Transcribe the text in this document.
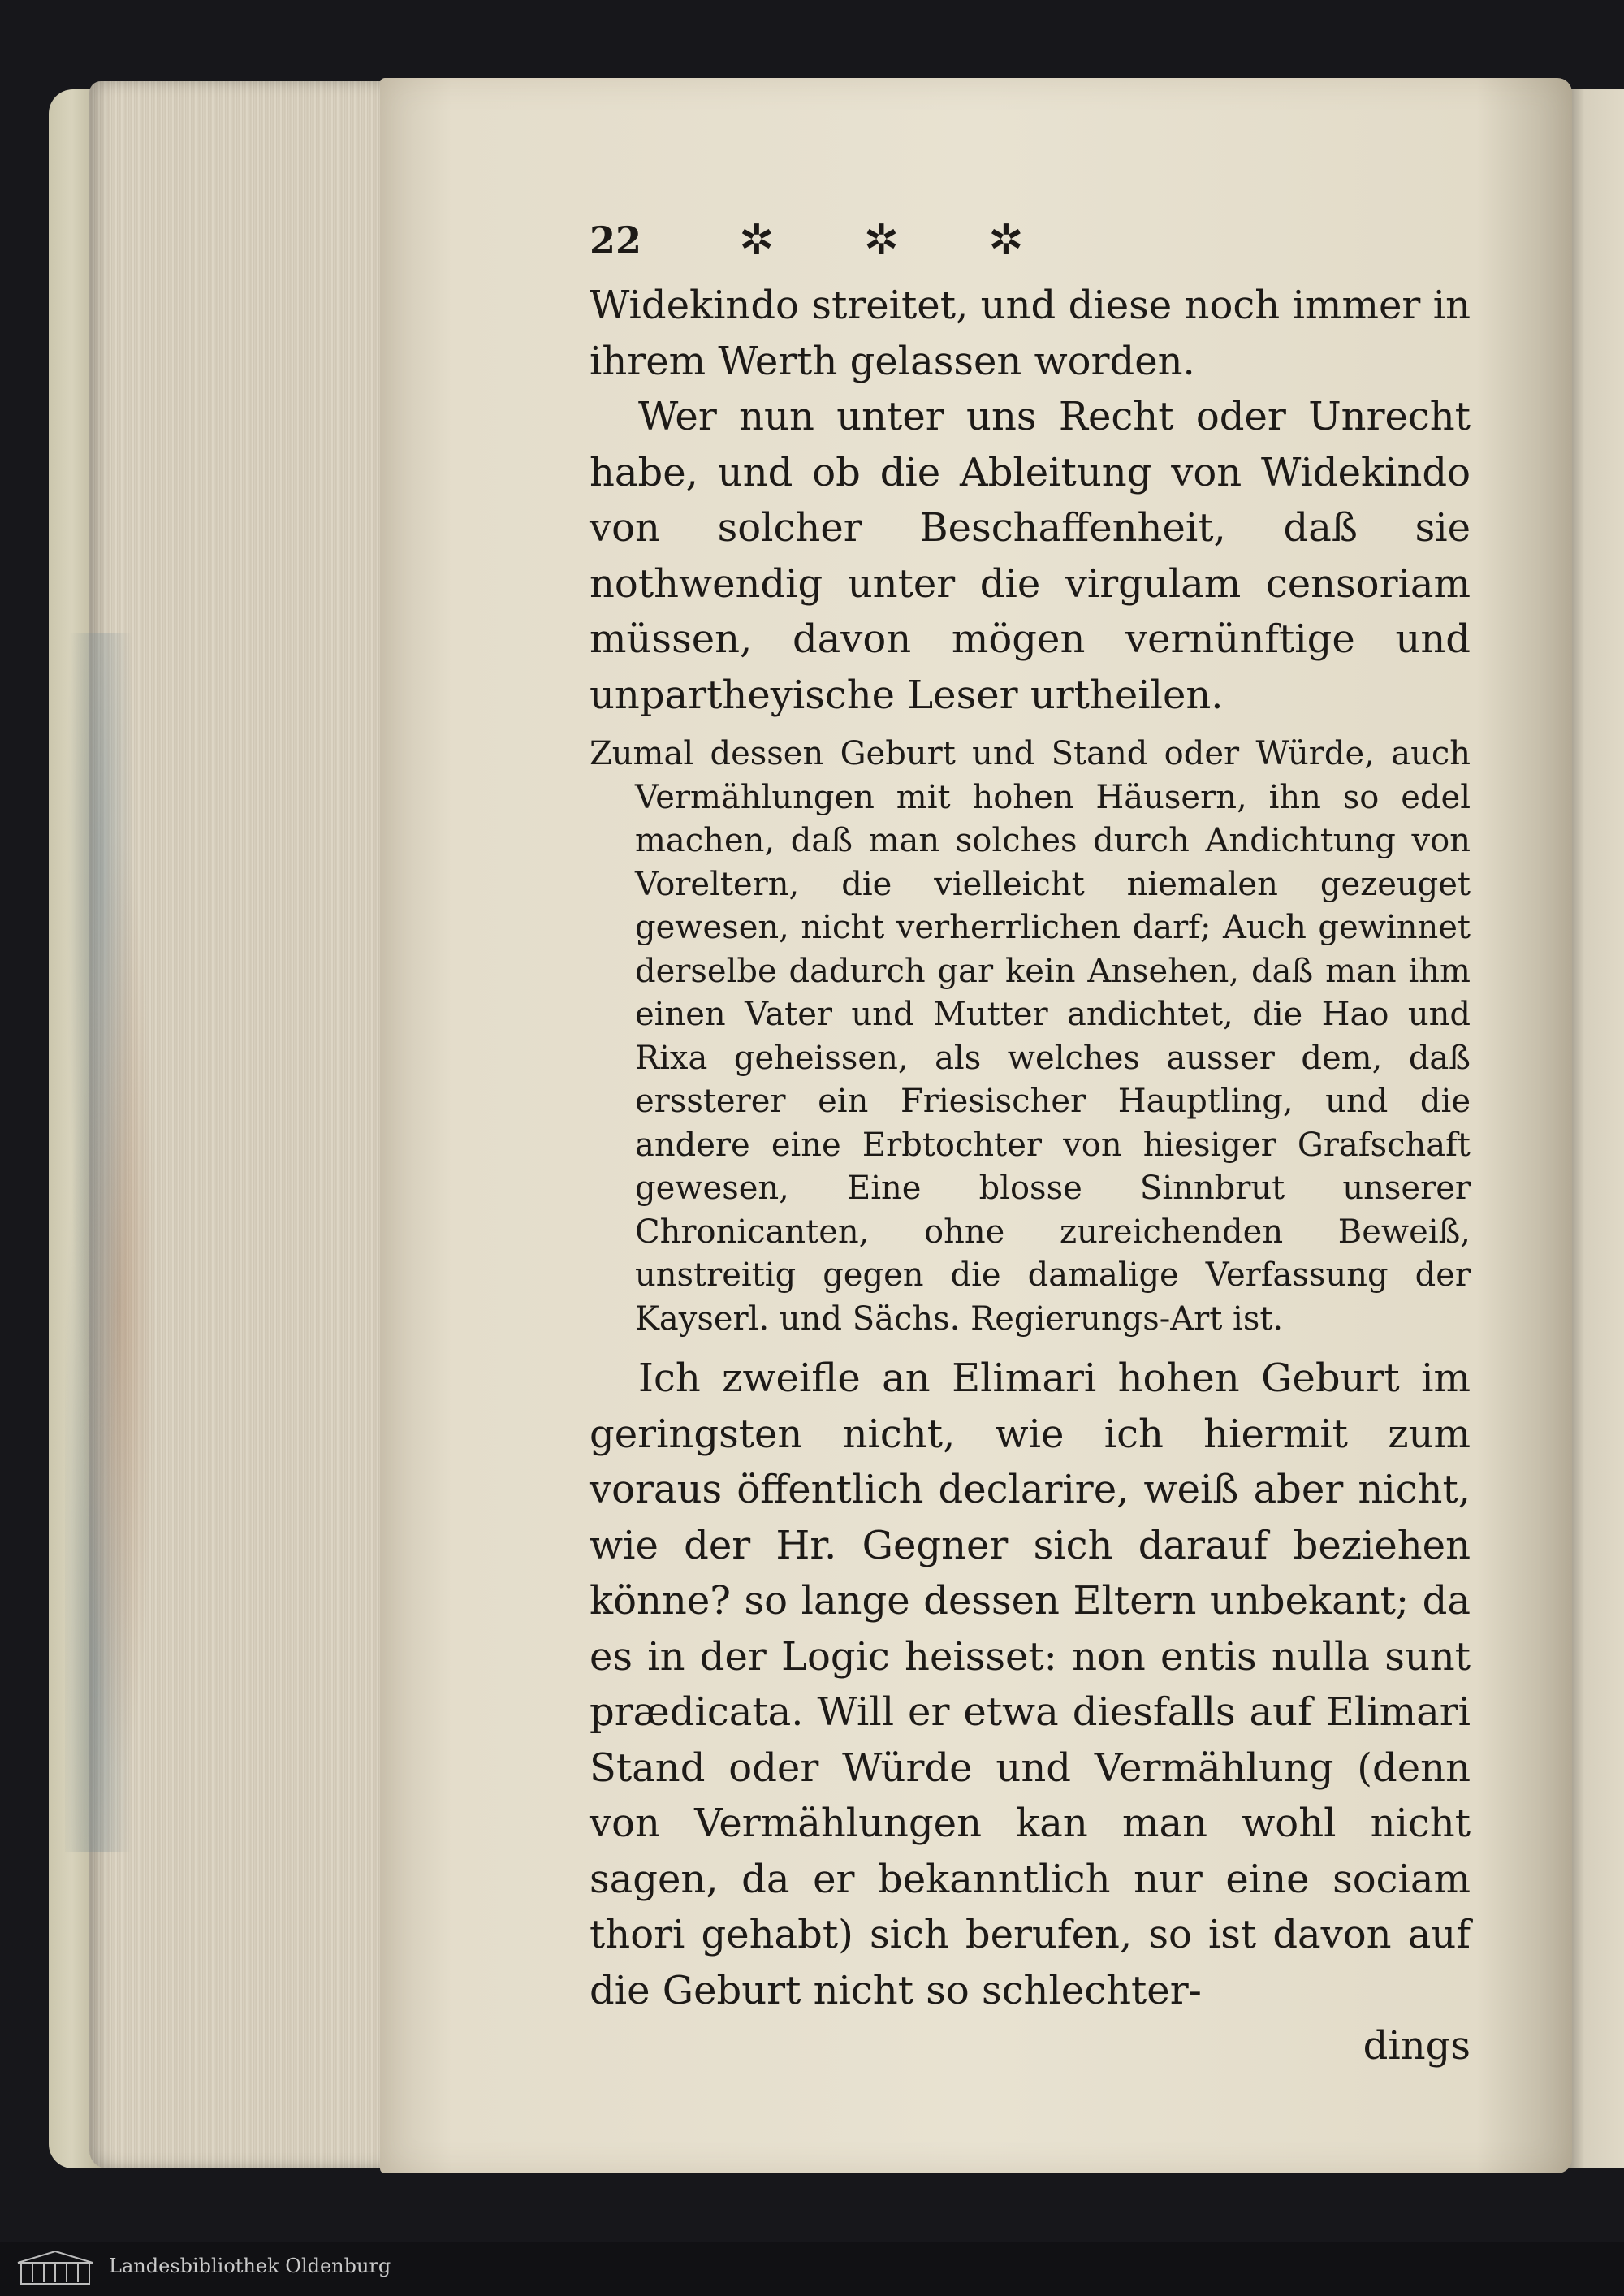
22	✲ ✲ ✲

Widekindo streitet, und diese noch immer in ihrem Werth gelassen worden.

Wer nun unter uns Recht oder Unrecht habe, und ob die Ableitung von Widekindo von solcher Beschaffenheit, daß sie nothwendig unter die virgulam censoriam müssen, davon mögen vernünftige und unpartheyische Leser urtheilen.

Zumal dessen Geburt und Stand oder Würde, auch Vermählungen mit hohen Häusern, ihn so edel machen, daß man solches durch Andichtung von Voreltern, die vielleicht niemalen gezeuget gewesen, nicht verherrlichen darf; Auch gewinnet derselbe dadurch gar kein Ansehen, daß man ihm einen Vater und Mutter andichtet, die Hao und Rixa geheissen, als welches ausser dem, daß erssterer ein Friesischer Hauptling, und die andere eine Erbtochter von hiesiger Grafschaft gewesen, Eine blosse Sinnbrut unserer Chronicanten, ohne zureichenden Beweiß, unstreitig gegen die damalige Verfassung der Kayserl. und Sächs. Regierungs-Art ist.

Ich zweifle an Elimari hohen Geburt im geringsten nicht, wie ich hiermit zum voraus öffentlich declarire, weiß aber nicht, wie der Hr. Gegner sich darauf beziehen könne? so lange dessen Eltern unbekant; da es in der Logic heisset: non entis nulla sunt prædicata. Will er etwa diesfalls auf Elimari Stand oder Würde und Vermählung (denn von Vermählungen kan man wohl nicht sagen, da er bekanntlich nur eine sociam thori gehabt) sich berufen, so ist davon auf die Geburt nicht so schlechter-

dings

Landesbibliothek Oldenburg
